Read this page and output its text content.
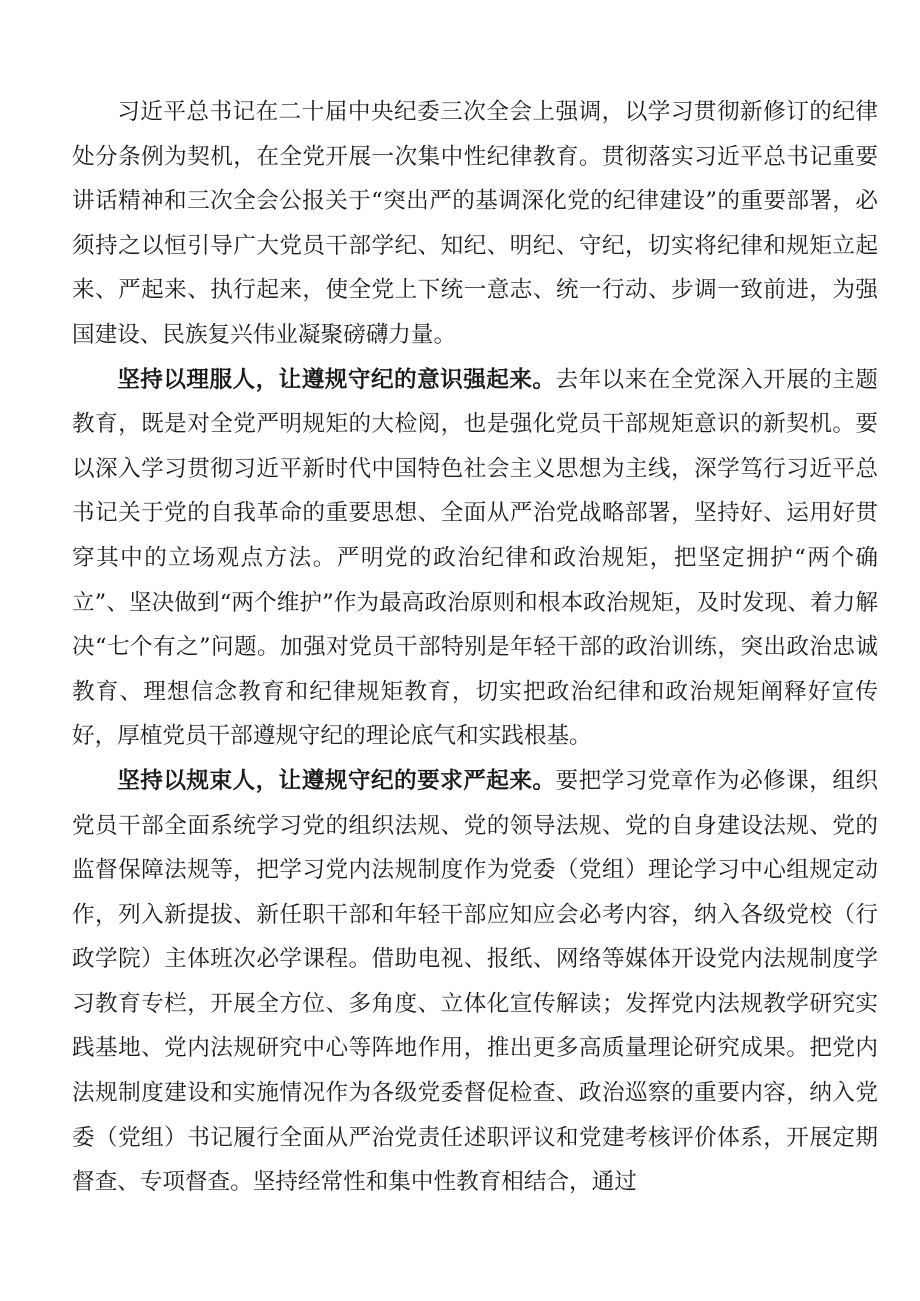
习近平总书记在二十届中央纪委三次全会上强调，以学习贯彻新修订的纪律处分条例为契机，在全党开展一次集中性纪律教育。贯彻落实习近平总书记重要讲话精神和三次全会公报关于“突出严的基调深化党的纪律建设”的重要部署，必须持之以恒引导广大党员干部学纪、知纪、明纪、守纪，切实将纪律和规矩立起来、严起来、执行起来，使全党上下统一意志、统一行动、步调一致前进，为强国建设、民族复兴伟业凝聚磅礴力量。

坚持以理服人，让遵规守纪的意识强起来。去年以来在全党深入开展的主题教育，既是对全党严明规矩的大检阅，也是强化党员干部规矩意识的新契机。要以深入学习贯彻习近平新时代中国特色社会主义思想为主线，深学笃行习近平总书记关于党的自我革命的重要思想、全面从严治党战略部署，坚持好、运用好贯穿其中的立场观点方法。严明党的政治纪律和政治规矩，把坚定拥护“两个确立”、坚决做到“两个维护”作为最高政治原则和根本政治规矩，及时发现、着力解决“七个有之”问题。加强对党员干部特别是年轻干部的政治训练，突出政治忠诚教育、理想信念教育和纪律规矩教育，切实把政治纪律和政治规矩阐释好宣传好，厚植党员干部遵规守纪的理论底气和实践根基。

坚持以规束人，让遵规守纪的要求严起来。要把学习党章作为必修课，组织党员干部全面系统学习党的组织法规、党的领导法规、党的自身建设法规、党的监督保障法规等，把学习党内法规制度作为党委（党组）理论学习中心组规定动作，列入新提拔、新任职干部和年轻干部应知应会必考内容，纳入各级党校（行政学院）主体班次必学课程。借助电视、报纸、网络等媒体开设党内法规制度学习教育专栏，开展全方位、多角度、立体化宣传解读；发挥党内法规教学研究实践基地、党内法规研究中心等阵地作用，推出更多高质量理论研究成果。把党内法规制度建设和实施情况作为各级党委督促检查、政治巡察的重要内容，纳入党委（党组）书记履行全面从严治党责任述职评议和党建考核评价体系，开展定期督查、专项督查。坚持经常性和集中性教育相结合，通过
